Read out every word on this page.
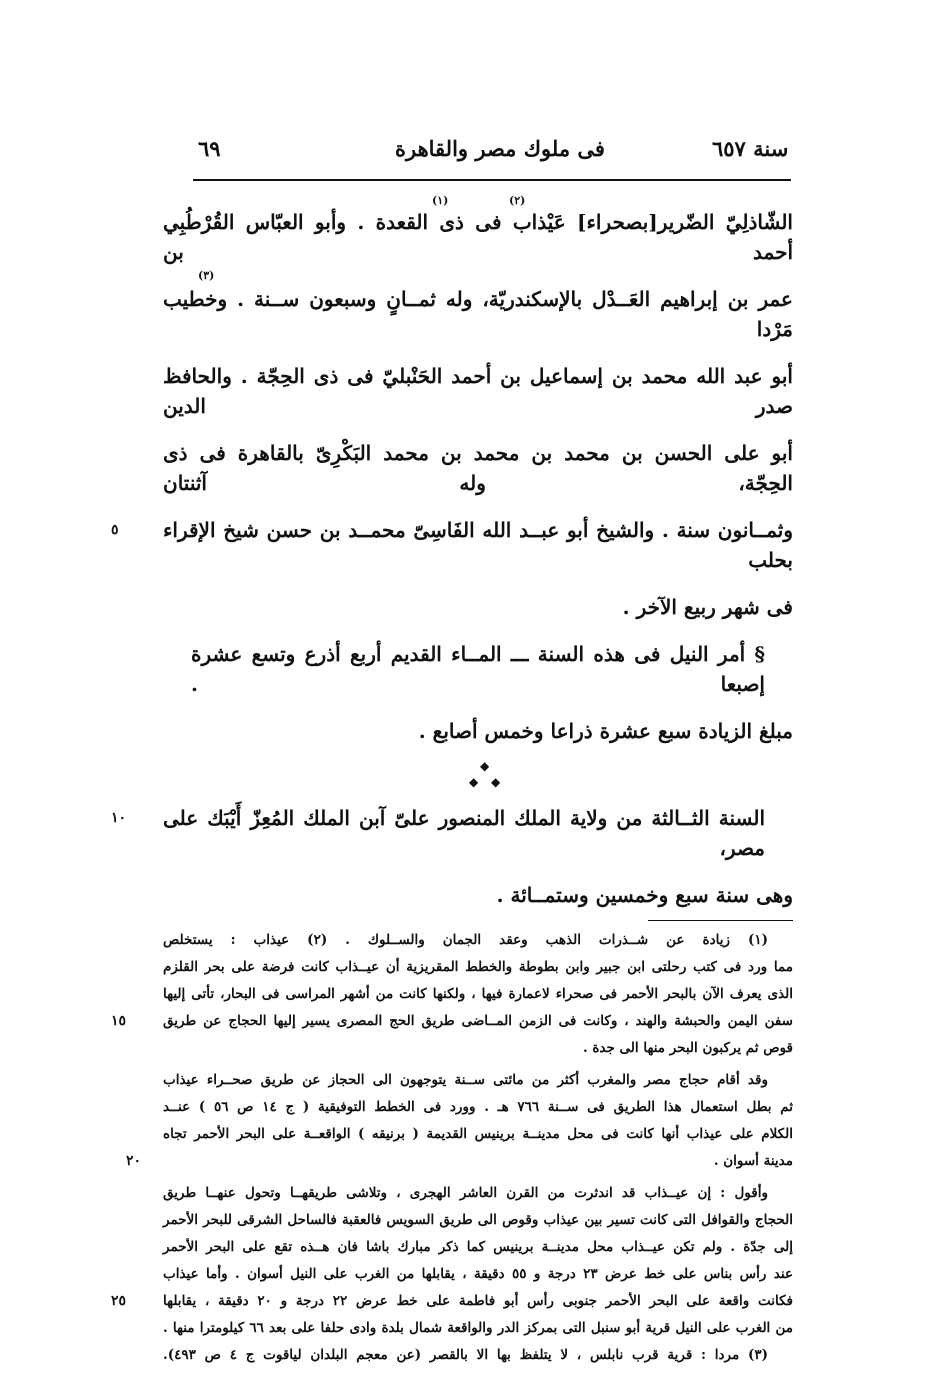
٦٩	فى ملوك مصر والقاهرة	سنة ٦٥٧
(١)	(٢)
الشّاذلِيّ الضّرير[بصحراء] عَيْذاب فى ذى القعدة . وأبو العبّاس القُرْطُبِي أحمد بن
(٣)
عمر بن إبراهيم العَــدْل بالإسكندريّة، وله ثمــانٍ وسبعون ســنة . وخطيب مَرْدا
أبو عبد الله محمد بن إسماعيل بن أحمد الحَنْبليّ فى ذى الحِجّة . والحافظ صدر الدين
أبو على الحسن بن محمد بن محمد بن محمد البَكْرِىّ بالقاهرة فى ذى الحِجّة، وله آثنتان
٥	وثمــانون سنة . والشيخ أبو عبــد الله الفَاسِىّ محمــد بن حسن شيخ الإقراء بحلب
فى شهر ربيع الآخر .
§ أمر النيل فى هذه السنة ـــ المــاء القديم أربع أذرع وتسع عشرة إصبعا .
مبلغ الزيادة سبع عشرة ذراعا وخمس أصابع .
◆
◆ ◆
١٠	السنة الثــالثة من ولاية الملك المنصور علىّ آبن الملك المُعِزّ أَيْبَك على مصر،
وهى سنة سبع وخمسين وستمــائة .
(١) زيادة عن شــذرات الذهب وعقد الجمان والســلوك . (٢) عيذاب : يستخلص
مما ورد فى كتب رحلتى ابن جبير وابن بطوطة والخطط المقريزية أن عيــذاب كانت فرضة على بحر القلزم
الذى يعرف الآن بالبحر الأحمر فى صحراء لاعمارة فيها ، ولكنها كانت من أشهر المراسى فى البحار، تأتى إليها
١٥	سفن اليمن والحبشة والهند ، وكانت فى الزمن المــاضى طريق الحج المصرى يسير إليها الحجاج عن طريق
قوص ثم يركبون البحر منها الى جدة .
وقد أقام حجاج مصر والمغرب أكثر من مائتى ســنة يتوجهون الى الحجاز عن طريق صحــراء عيذاب
ثم بطل استعمال هذا الطريق فى ســنة ٧٦٦ هـ . وورد فى الخطط التوفيقية ( ج ١٤ ص ٥٦ ) عنــد
الكلام على عيذاب أنها كانت فى محل مدينــة برينيس القديمة ( برنيقه ) الواقعــة على البحر الأحمر تجاه
٢٠	مدينة أسوان .
وأقول : إن عيــذاب قد اندثرت من القرن العاشر الهجرى ، وتلاشى طريقهــا وتحول عنهــا طريق
الحجاج والقوافل التى كانت تسير بين عيذاب وقوص الى طريق السويس فالعقبة فالساحل الشرقى للبحر الأحمر
إلى جدّة . ولم تكن عيــذاب محل مدينــة برينيس كما ذكر مبارك باشا فان هــذه تقع على البحر الأحمر
عند رأس بناس على خط عرض ٢٣ درجة و ٥٥ دقيقة ، يقابلها من الغرب على النيل أسوان . وأما عيذاب
٢٥	فكانت واقعة على البحر الأحمر جنوبى رأس أبو فاطمة على خط عرض ٢٢ درجة و ٢٠ دقيقة ، يقابلها
من الغرب على النيل قرية أبو سنبل التى بمركز الدر والواقعة شمال بلدة وادى حلفا على بعد ٦٦ كيلومترا منها .
(٣) مردا : قرية قرب نابلس ، لا يتلفظ بها الا بالقصر (عن معجم البلدان لياقوت ج ٤ ص ٤٩٣).
